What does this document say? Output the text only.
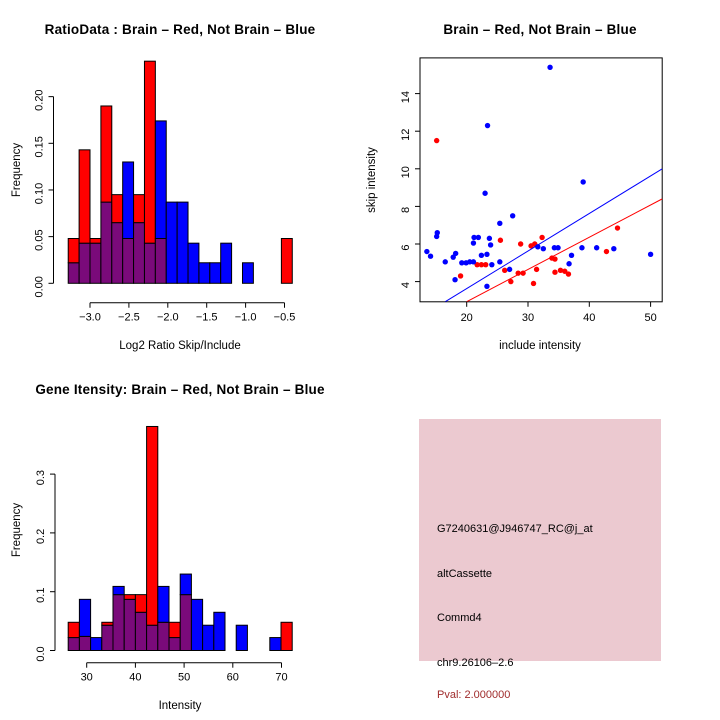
RatioData : Brain – Red, Not Brain – Blue
0.00
0.05
0.10
0.15
0.20
−3.0 −2.5 −2.0 −1.5 −1.0 −0.5
Log2 Ratio Skip/Include
Frequency
Brain – Red, Not Brain – Blue
20	30	40	50
4
6
8
10
12
14
include intensity
skip intensity
Gene Itensity: Brain – Red, Not Brain – Blue
0.0
0.1
0.2
0.3
30	40	50	60	70
Intensity
Frequency	G7240631@J946747_RC@j_at
altCassette
Commd4
chr9.26106–2.6
Pval: 2.000000
